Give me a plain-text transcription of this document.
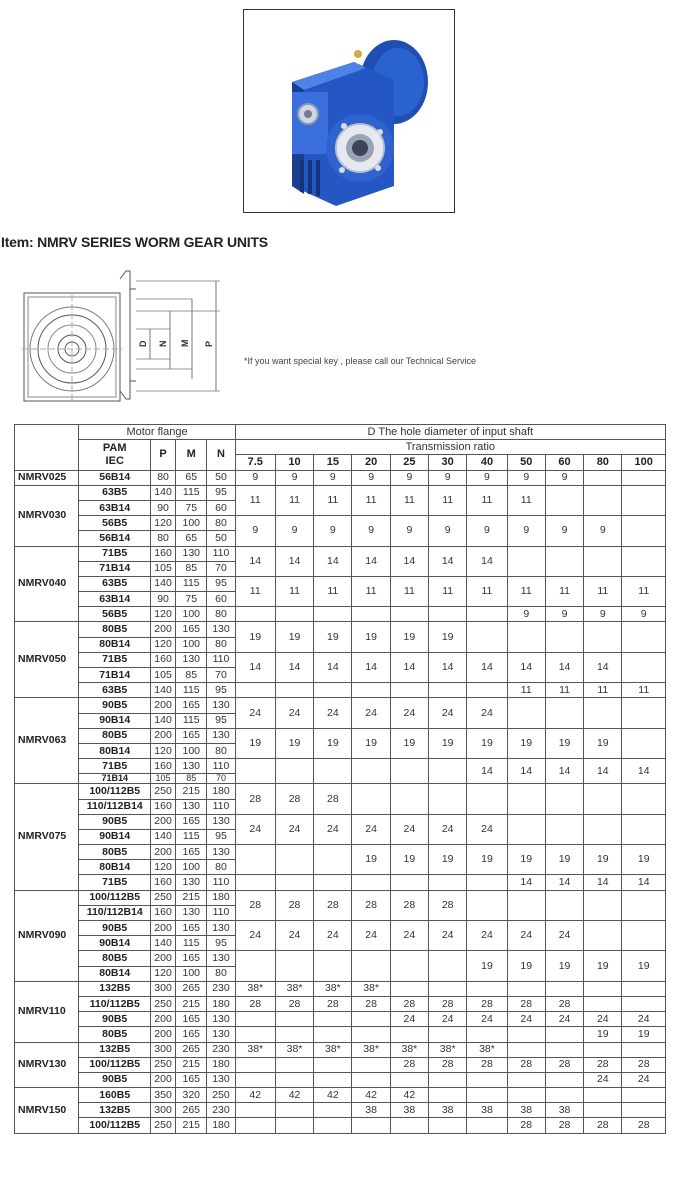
Item: NMRV SERIES WORM GEAR UNITS
D N M P
*If you want special key , please call our Technical Service
	Motor flange				D The hole diameter of input shaft										
	PAM
IEC	P	M	N	Transmission ratio										
					7.5	10	15	20	25	30	40	50	60	80	100
NMRV025	56B14	80	65	50	9	9	9	9	9	9	9	9	9		
NMRV030	63B5	140	115	95	11	11	11	11	11	11	11	11			
	63B14	90	75	60											
	56B5	120	100	80	9	9	9	9	9	9	9	9	9	9	
	56B14	80	65	50											
NMRV040	71B5	160	130	110	14	14	14	14	14	14	14				
	71B14	105	85	70											
	63B5	140	115	95	11	11	11	11	11	11	11	11	11	11	11
	63B14	90	75	60											
	56B5	120	100	80								9	9	9	9
NMRV050	80B5	200	165	130	19	19	19	19	19	19					
	80B14	120	100	80											
	71B5	160	130	110	14	14	14	14	14	14	14	14	14	14	
	71B14	105	85	70											
	63B5	140	115	95								11	11	11	11
NMRV063	90B5	200	165	130	24	24	24	24	24	24	24				
	90B14	140	115	95											
	80B5	200	165	130	19	19	19	19	19	19	19	19	19	19	
	80B14	120	100	80											
	71B5	160	130	110							14	14	14	14	14
	71B14	105	85	70											
NMRV075	100/112B5	250	215	180	28	28	28								
	110/112B14	160	130	110											
	90B5	200	165	130	24	24	24	24	24	24	24				
	90B14	140	115	95											
	80B5	200	165	130				19	19	19	19	19	19	19	19
	80B14	120	100	80											
	71B5	160	130	110								14	14	14	14
NMRV090	100/112B5	250	215	180	28	28	28	28	28	28					
	110/112B14	160	130	110											
	90B5	200	165	130	24	24	24	24	24	24	24	24	24		
	90B14	140	115	95											
	80B5	200	165	130							19	19	19	19	19
	80B14	120	100	80											
NMRV110	132B5	300	265	230	38*	38*	38*	38*							
	110/112B5	250	215	180	28	28	28	28	28	28	28	28	28		
	90B5	200	165	130					24	24	24	24	24	24	24
	80B5	200	165	130										19	19
NMRV130	132B5	300	265	230	38*	38*	38*	38*	38*	38*	38*				
	100/112B5	250	215	180					28	28	28	28	28	28	28
	90B5	200	165	130										24	24
NMRV150	160B5	350	320	250	42	42	42	42	42						
	132B5	300	265	230				38	38	38	38	38	38		
	100/112B5	250	215	180								28	28	28	28
